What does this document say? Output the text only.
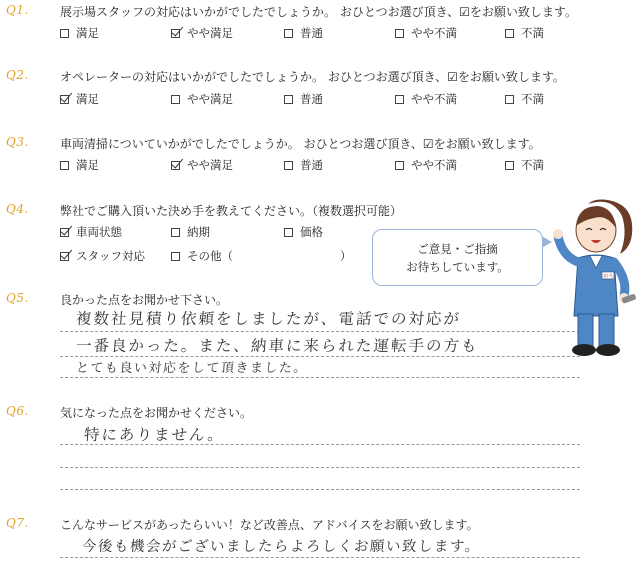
Q1.	展示場スタッフの対応はいかがでしたでしょうか。 おひとつお選び頂き、☑をお願い致します。
満足	やや満足	普通	やや不満	不満
Q2.	オペレーターの対応はいかがでしたでしょうか。 おひとつお選び頂き、☑をお願い致します。
満足	やや満足	普通	やや不満	不満
Q3.	車両清掃についていかがでしたでしょうか。 おひとつお選び頂き、☑をお願い致します。
満足	やや満足	普通	やや不満	不満
Q4.	弊社でご購入頂いた決め手を教えてください。（複数選択可能）
車両状態	納期	価格
スタッフ対応	その他（	）
ご意見・ご指摘
お待ちしています。
担当
Q5.	良かった点をお聞かせ下さい。
複数社見積り依頼をしましたが、電話での対応が
一番良かった。また、納車に来られた運転手の方も
とても良い対応をして頂きました。
Q6.	気になった点をお聞かせください。
特にありません。
Q7.	こんなサービスがあったらいい！など改善点、アドバイスをお願い致します。
今後も機会がございましたらよろしくお願い致します。
